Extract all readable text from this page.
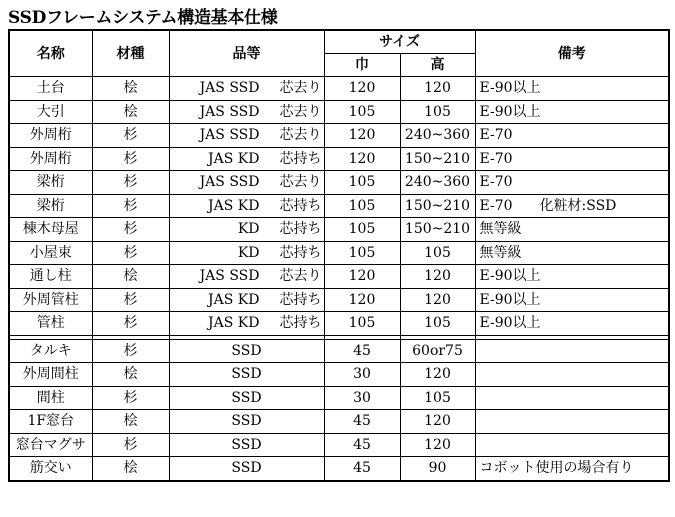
SSDフレームシステム構造基本仕様
名称	材種	品等	サイズ		備考
			巾	高	
土台	桧	JAS SSD 芯去り	120	120	E-90以上
大引	桧	JAS SSD 芯去り	105	105	E-90以上
外周桁	杉	JAS SSD 芯去り	120	240~360	E-70
外周桁	杉	JAS KD 芯持ち	120	150~210	E-70
梁桁	杉	JAS SSD 芯去り	105	240~360	E-70
梁桁	杉	JAS KD 芯持ち	105	150~210	E-70 化粧材:SSD
棟木母屋	杉	KD 芯持ち	105	150~210	無等級
小屋束	杉	KD 芯持ち	105	105	無等級
通し柱	桧	JAS SSD 芯去り	120	120	E-90以上
外周管柱	杉	JAS KD 芯持ち	120	120	E-90以上
管柱	杉	JAS KD 芯持ち	105	105	E-90以上

タルキ	杉	SSD	45	60or75	
外周間柱	桧	SSD	30	120	
間柱	杉	SSD	30	105	
1F窓台	桧	SSD	45	120	
窓台マグサ	杉	SSD	45	120	
筋交い	桧	SSD	45	90	コボット使用の場合有り
